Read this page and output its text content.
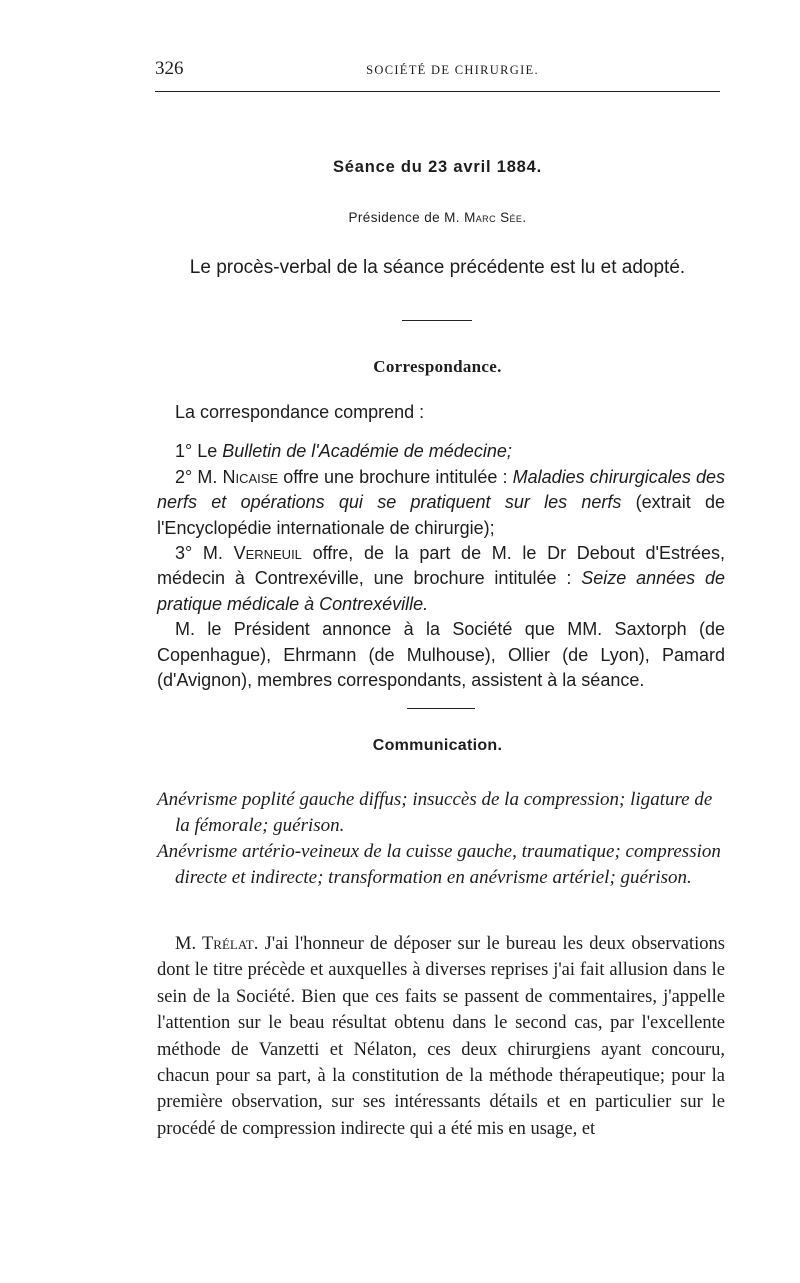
326	SOCIÉTÉ DE CHIRURGIE.
Séance du 23 avril 1884.
Présidence de M. Marc Sée.
Le procès-verbal de la séance précédente est lu et adopté.
Correspondance.

La correspondance comprend :

1° Le Bulletin de l'Académie de médecine;

2° M. Nicaise offre une brochure intitulée : Maladies chirurgicales des nerfs et opérations qui se pratiquent sur les nerfs (extrait de l'Encyclopédie internationale de chirurgie);

3° M. Verneuil offre, de la part de M. le Dr Debout d'Estrées, médecin à Contrexéville, une brochure intitulée : Seize années de pratique médicale à Contrexéville.

M. le Président annonce à la Société que MM. Saxtorph (de Copenhague), Ehrmann (de Mulhouse), Ollier (de Lyon), Pamard (d'Avignon), membres correspondants, assistent à la séance.

Communication.

Anévrisme poplité gauche diffus; insuccès de la compression; ligature de la fémorale; guérison.

Anévrisme artério-veineux de la cuisse gauche, traumatique; compression directe et indirecte; transformation en anévrisme artériel; guérison.

M. Trélat. J'ai l'honneur de déposer sur le bureau les deux observations dont le titre précède et auxquelles à diverses reprises j'ai fait allusion dans le sein de la Société. Bien que ces faits se passent de commentaires, j'appelle l'attention sur le beau résultat obtenu dans le second cas, par l'excellente méthode de Vanzetti et Nélaton, ces deux chirurgiens ayant concouru, chacun pour sa part, à la constitution de la méthode thérapeutique; pour la première observation, sur ses intéressants détails et en particulier sur le procédé de compression indirecte qui a été mis en usage, et
